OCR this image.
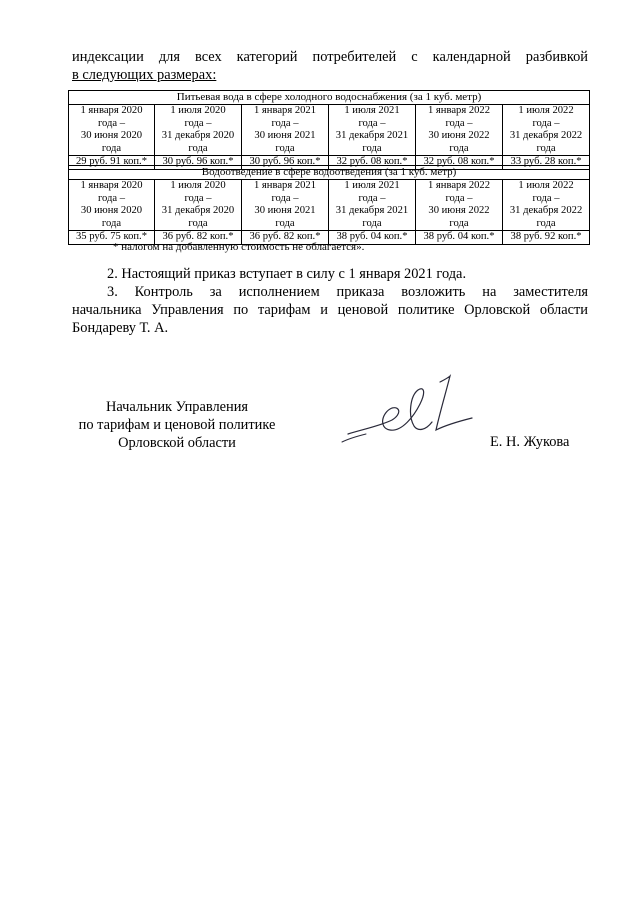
индексации для всех категорий потребителей с календарной разбивкой
в следующих размерах:
Питьевая вода в сфере холодного водоснабжения (за 1 куб. метр)					
1 января 2020
года –
30 июня 2020
года	1 июля 2020
года –
31 декабря 2020
года	1 января 2021
года –
30 июня 2021
года	1 июля 2021
года –
31 декабря 2021
года	1 января 2022
года –
30 июня 2022
года	1 июля 2022
года –
31 декабря 2022
года
29 руб. 91 коп.*	30 руб. 96 коп.*	30 руб. 96 коп.*	32 руб. 08 коп.*	32 руб. 08 коп.*	33 руб. 28 коп.*
Водоотведение в сфере водоотведения (за 1 куб. метр)					
1 января 2020
года –
30 июня 2020
года	1 июля 2020
года –
31 декабря 2020
года	1 января 2021
года –
30 июня 2021
года	1 июля 2021
года –
31 декабря 2021
года	1 января 2022
года –
30 июня 2022
года	1 июля 2022
года –
31 декабря 2022
года
35 руб. 75 коп.*	36 руб. 82 коп.*	36 руб. 82 коп.*	38 руб. 04 коп.*	38 руб. 04 коп.*	38 руб. 92 коп.*
* налогом на добавленную стоимость не облагается».
2. Настоящий приказ вступает в силу с 1 января 2021 года.
3. Контроль за исполнением приказа возложить на заместителя
начальника Управления по тарифам и ценовой политике Орловской области
Бондареву Т. А.
Начальник Управления
по тарифам и ценовой политике
Орловской области	Е. Н. Жукова
